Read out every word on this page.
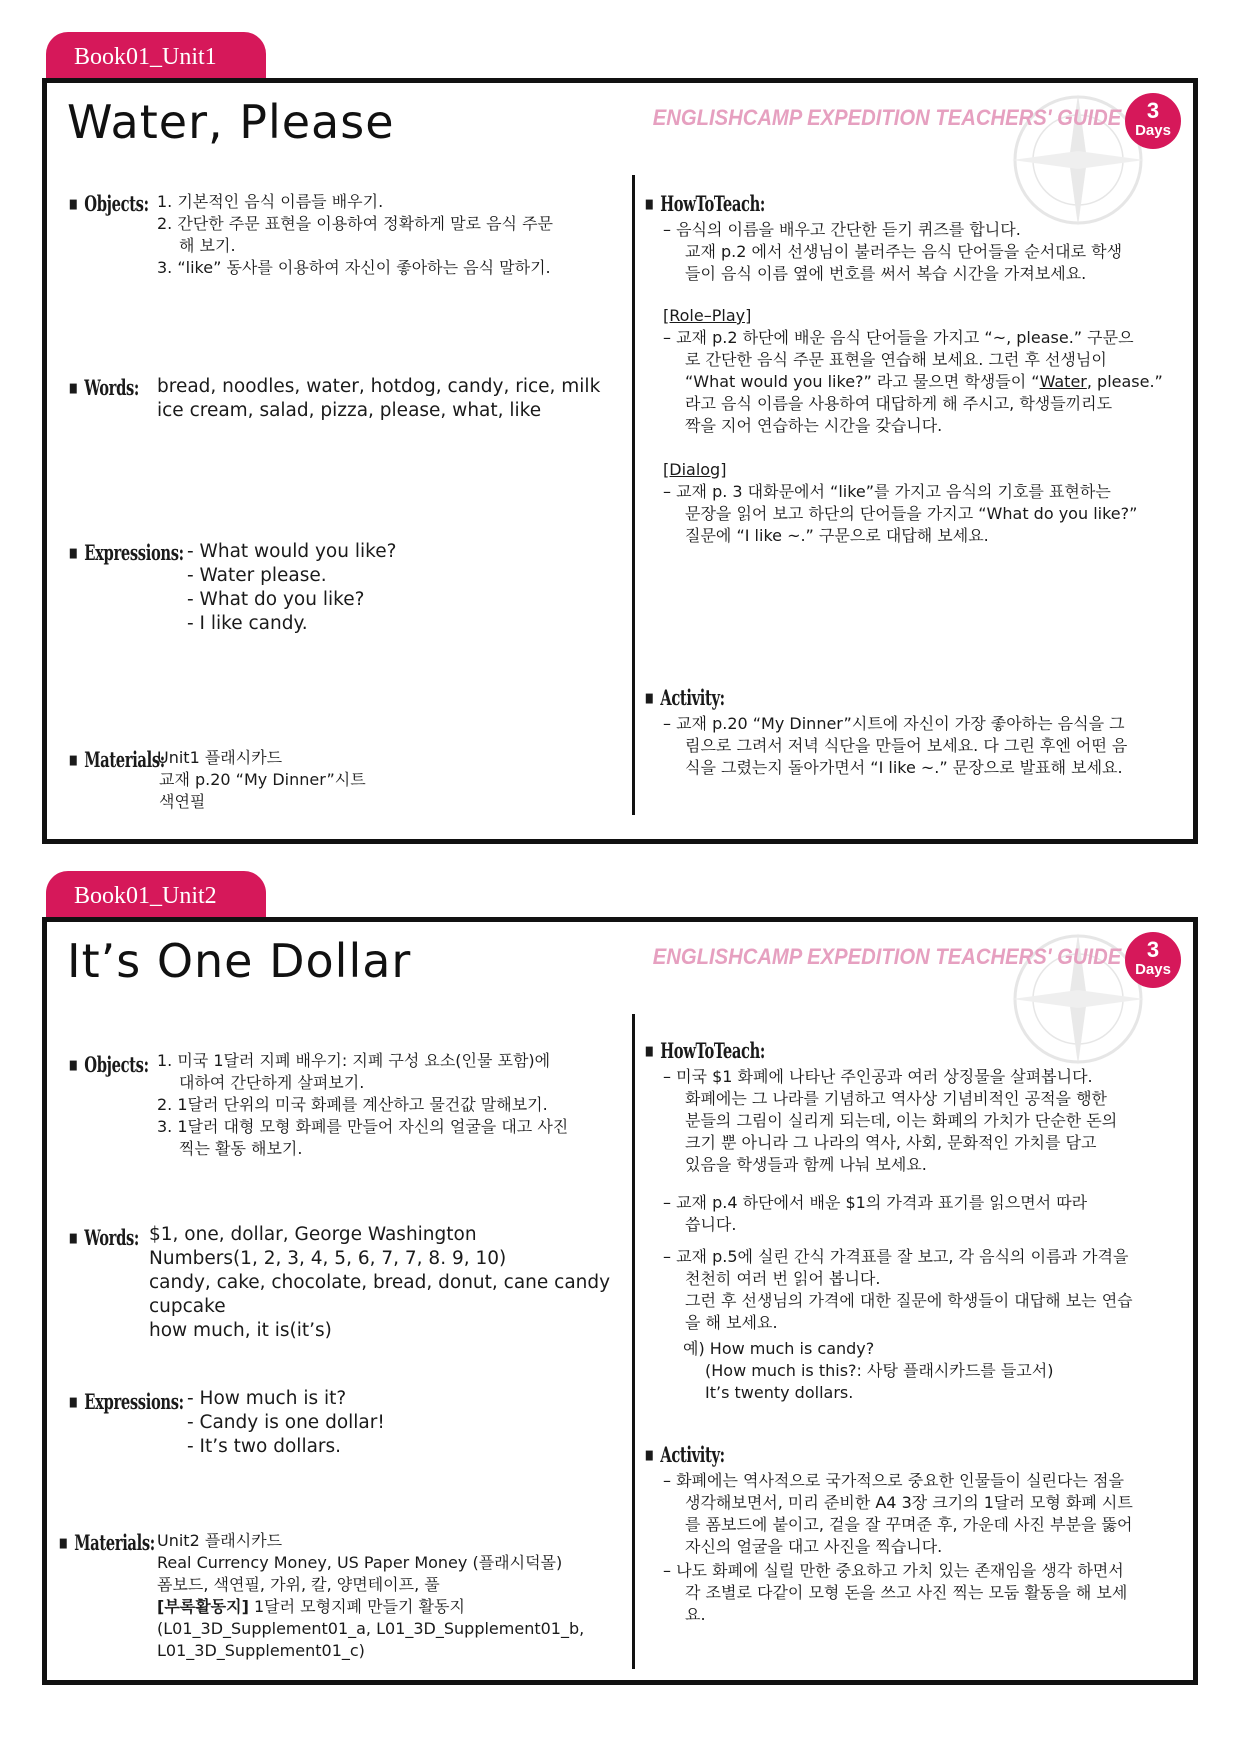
Book01_Unit1
Water, Please	ENGLISHCAMP EXPEDITION TEACHERS' GUIDE	3
Days
■ Objects: 1. 기본적인 음식 이름들 배우기.
2. 간단한 주문 표현을 이용하여 정확하게 말로 음식 주문
해 보기.
3. “like” 동사를 이용하여 자신이 좋아하는 음식 말하기.
■ Words: bread, noodles, water, hotdog, candy, rice, milk
ice cream, salad, pizza, please, what, like
■ Expressions: - What would you like?
- Water please.
- What do you like?
- I like candy.
■ Materials:
Unit1 플래시카드
교재 p.20 “My Dinner”시트
색연필
■ HowToTeach:
– 음식의 이름을 배우고 간단한 듣기 퀴즈를 합니다.
교재 p.2 에서 선생님이 불러주는 음식 단어들을 순서대로 학생
들이 음식 이름 옆에 번호를 써서 복습 시간을 가져보세요.
[Role–Play]
– 교재 p.2 하단에 배운 음식 단어들을 가지고 “~, please.” 구문으
로 간단한 음식 주문 표현을 연습해 보세요. 그런 후 선생님이
“What would you like?” 라고 물으면 학생들이 “Water, please.”
라고 음식 이름을 사용하여 대답하게 해 주시고, 학생들끼리도
짝을 지어 연습하는 시간을 갖습니다.
[Dialog]
– 교재 p. 3 대화문에서 “like”를 가지고 음식의 기호를 표현하는
문장을 읽어 보고 하단의 단어들을 가지고 “What do you like?”
질문에 “I like ~.” 구문으로 대답해 보세요.
■ Activity:
– 교재 p.20 “My Dinner”시트에 자신이 가장 좋아하는 음식을 그
림으로 그려서 저녁 식단을 만들어 보세요. 다 그린 후엔 어떤 음
식을 그렸는지 돌아가면서 “I like ~.” 문장으로 발표해 보세요.
Book01_Unit2
It’s One Dollar	ENGLISHCAMP EXPEDITION TEACHERS' GUIDE	3
Days
■ Objects: 1. 미국 1달러 지폐 배우기: 지폐 구성 요소(인물 포함)에
대하여 간단하게 살펴보기.
2. 1달러 단위의 미국 화폐를 계산하고 물건값 말해보기.
3. 1달러 대형 모형 화폐를 만들어 자신의 얼굴을 대고 사진
찍는 활동 해보기.
■ Words: $1, one, dollar, George Washington
Numbers(1, 2, 3, 4, 5, 6, 7, 7, 8. 9, 10)
candy, cake, chocolate, bread, donut, cane candy
cupcake
how much, it is(it’s)
■ Expressions: - How much is it?
- Candy is one dollar!
- It’s two dollars.
■ Materials: Unit2 플래시카드
Real Currency Money, US Paper Money (플래시덕몰)
폼보드, 색연필, 가위, 칼, 양면테이프, 풀
[부록활동지] 1달러 모형지폐 만들기 활동지
(L01_3D_Supplement01_a, L01_3D_Supplement01_b,
L01_3D_Supplement01_c)
■ HowToTeach:
– 미국 $1 화폐에 나타난 주인공과 여러 상징물을 살펴봅니다.
화폐에는 그 나라를 기념하고 역사상 기념비적인 공적을 행한
분들의 그림이 실리게 되는데, 이는 화폐의 가치가 단순한 돈의
크기 뿐 아니라 그 나라의 역사, 사회, 문화적인 가치를 담고
있음을 학생들과 함께 나눠 보세요.
– 교재 p.4 하단에서 배운 $1의 가격과 표기를 읽으면서 따라
씁니다.
– 교재 p.5에 실린 간식 가격표를 잘 보고, 각 음식의 이름과 가격을
천천히 여러 번 읽어 봅니다.
그런 후 선생님의 가격에 대한 질문에 학생들이 대답해 보는 연습
을 해 보세요.
예) How much is candy?
(How much is this?: 사탕 플래시카드를 들고서)
It’s twenty dollars.
■ Activity:
– 화폐에는 역사적으로 국가적으로 중요한 인물들이 실린다는 점을
생각해보면서, 미리 준비한 A4 3장 크기의 1달러 모형 화폐 시트
를 폼보드에 붙이고, 겉을 잘 꾸며준 후, 가운데 사진 부분을 뚫어
자신의 얼굴을 대고 사진을 찍습니다.
– 나도 화폐에 실릴 만한 중요하고 가치 있는 존재임을 생각 하면서
각 조별로 다같이 모형 돈을 쓰고 사진 찍는 모둠 활동을 해 보세
요.
